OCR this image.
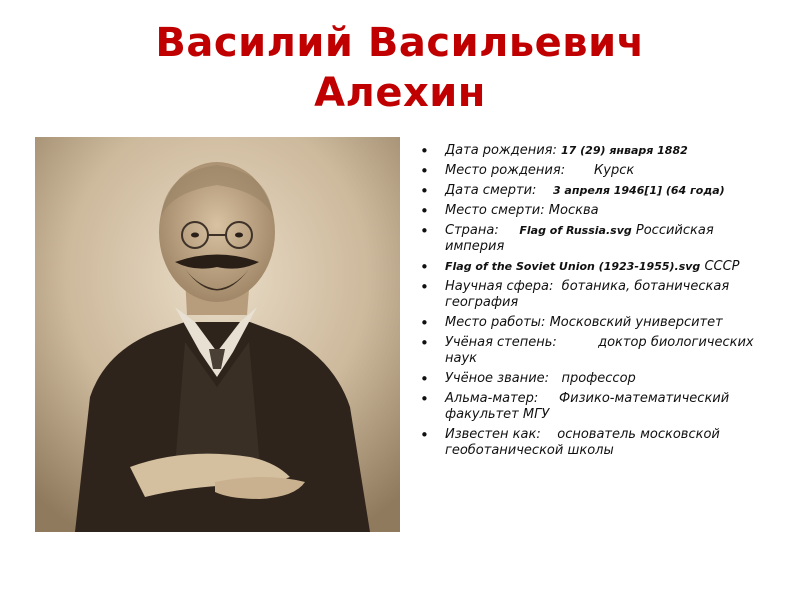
Василий Васильевич
Алехин
• Дата рождения: 17 (29) января 1882
• Место рождения: Курск
• Дата смерти: 3 апреля 1946[1] (64 года)
• Место смерти: Москва
• Страна: Flag of Russia.svg Российская империя
• Flag of the Soviet Union (1923-1955).svg СССР
• Научная сфера: ботаника, ботаническая география
• Место работы: Московский университет
• Учёная степень:	доктор биологических наук
• Учёное звание: профессор
• Альма-матер: Физико-математический факультет МГУ
• Известен как: основатель московской геоботанической школы
